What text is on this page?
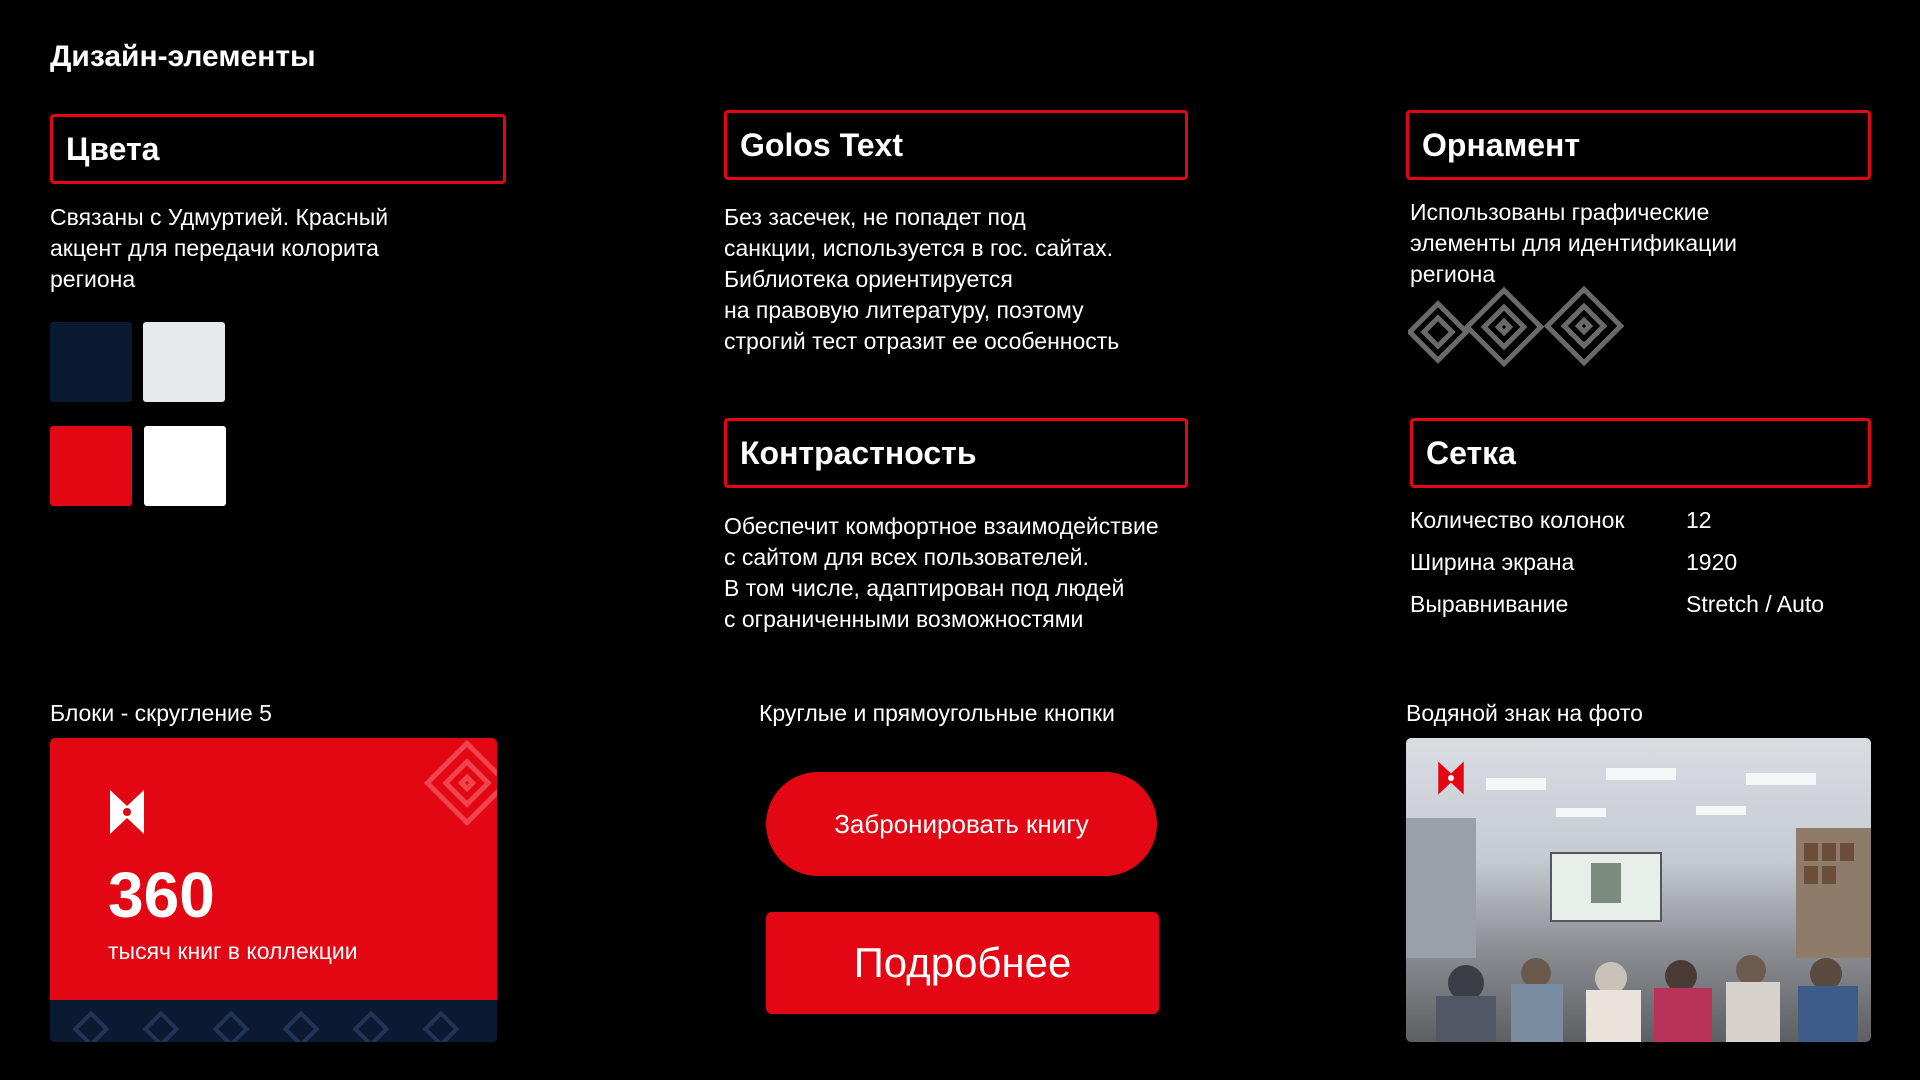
Дизайн-элементы
Цвета
Связаны с Удмуртией. Красный
акцент для передачи колорита
региона
Golos Text
Без засечек, не попадет под
санкции, используется в гос. сайтах.
Библиотека ориентируется
на правовую литературу, поэтому
строгий тест отразит ее особенность
Орнамент
Использованы графические
элементы для идентификации
регионa
Контрастность
Обеспечит комфортное взаимодействие
с сайтом для всех пользователей.
В том числе, адаптирован под людей
с ограниченными возможностями
Сетка
Количество колонок	12
Ширина экрана	1920
Выравнивание	Stretch / Auto
Блоки - скругление 5
360
тысяч книг в коллекции
Круглые и прямоугольные кнопки
Забронировать книгу
Подробнее
Водяной знак на фото
